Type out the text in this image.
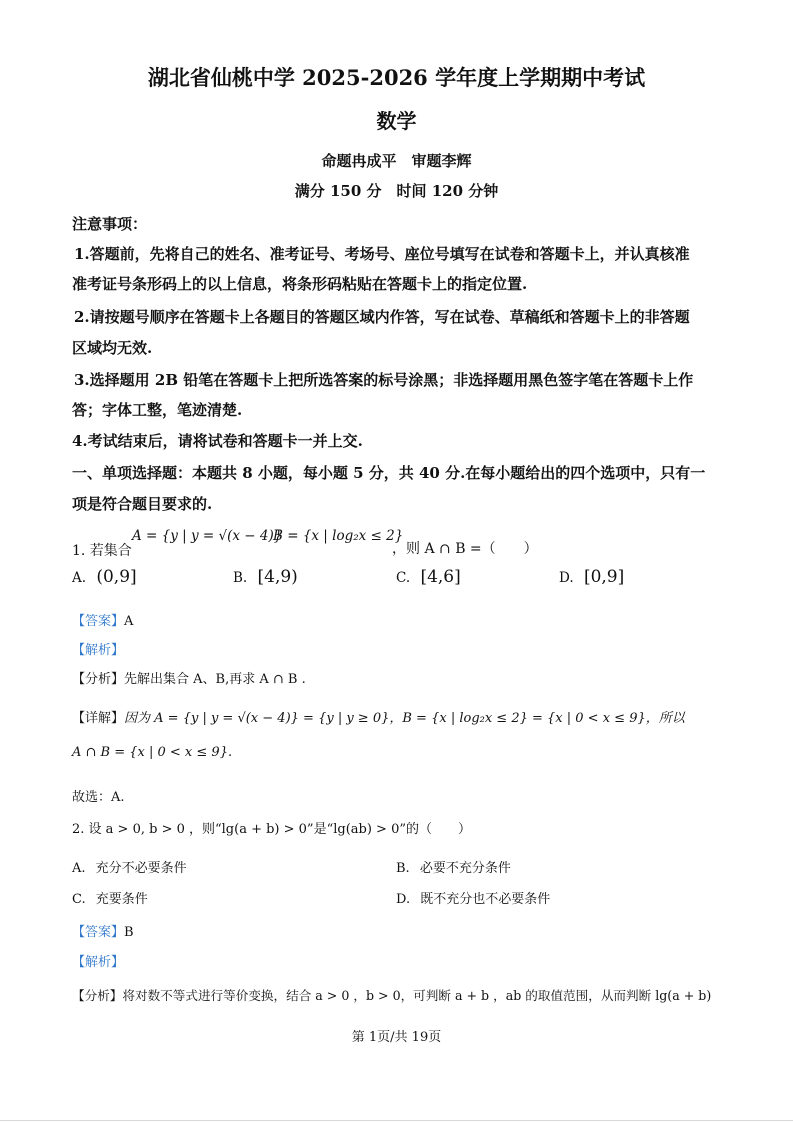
湖北省仙桃中学 2025-2026 学年度上学期期中考试
数学
命题冉成平　审题李辉
满分 150 分　时间 120 分钟
注意事项：
1.答题前，先将自己的姓名、准考证号、考场号、座位号填写在试卷和答题卡上，并认真核准
准考证号条形码上的以上信息，将条形码粘贴在答题卡上的指定位置.
2.请按题号顺序在答题卡上各题目的答题区域内作答，写在试卷、草稿纸和答题卡上的非答题
区域均无效.
3.选择题用 2B 铅笔在答题卡上把所选答案的标号涂黑；非选择题用黑色签字笔在答题卡上作
答；字体工整，笔迹清楚.
4.考试结束后，请将试卷和答题卡一并上交.
一、单项选择题：本题共 8 小题，每小题 5 分，共 40 分.在每小题给出的四个选项中，只有一
项是符合题目要求的.
1. 若集合
A = {y | y = √(x − 4)}
B = {x | log₂x ≤ 2}
，则 A ∩ B =（　　）
A. (0,9]	B. [4,9)	C. [4,6]	D. [0,9]
【答案】A
【解析】
【分析】先解出集合 A、B,再求 A ∩ B .
【详解】因为 A = {y | y = √(x − 4)} = {y | y ≥ 0}，B = {x | log₂x ≤ 2} = {x | 0 < x ≤ 9}，所以
A ∩ B = {x | 0 < x ≤ 9}.
故选：A.
2. 设 a > 0, b > 0 ，则“lg(a + b) > 0”是“lg(ab) > 0”的（　　）
A. 充分不必要条件	B. 必要不充分条件
C. 充要条件	D. 既不充分也不必要条件
【答案】B
【解析】
【分析】将对数不等式进行等价变换，结合 a > 0 ，b > 0，可判断 a + b ，ab 的取值范围，从而判断 lg(a + b)
第 1页/共 19页
